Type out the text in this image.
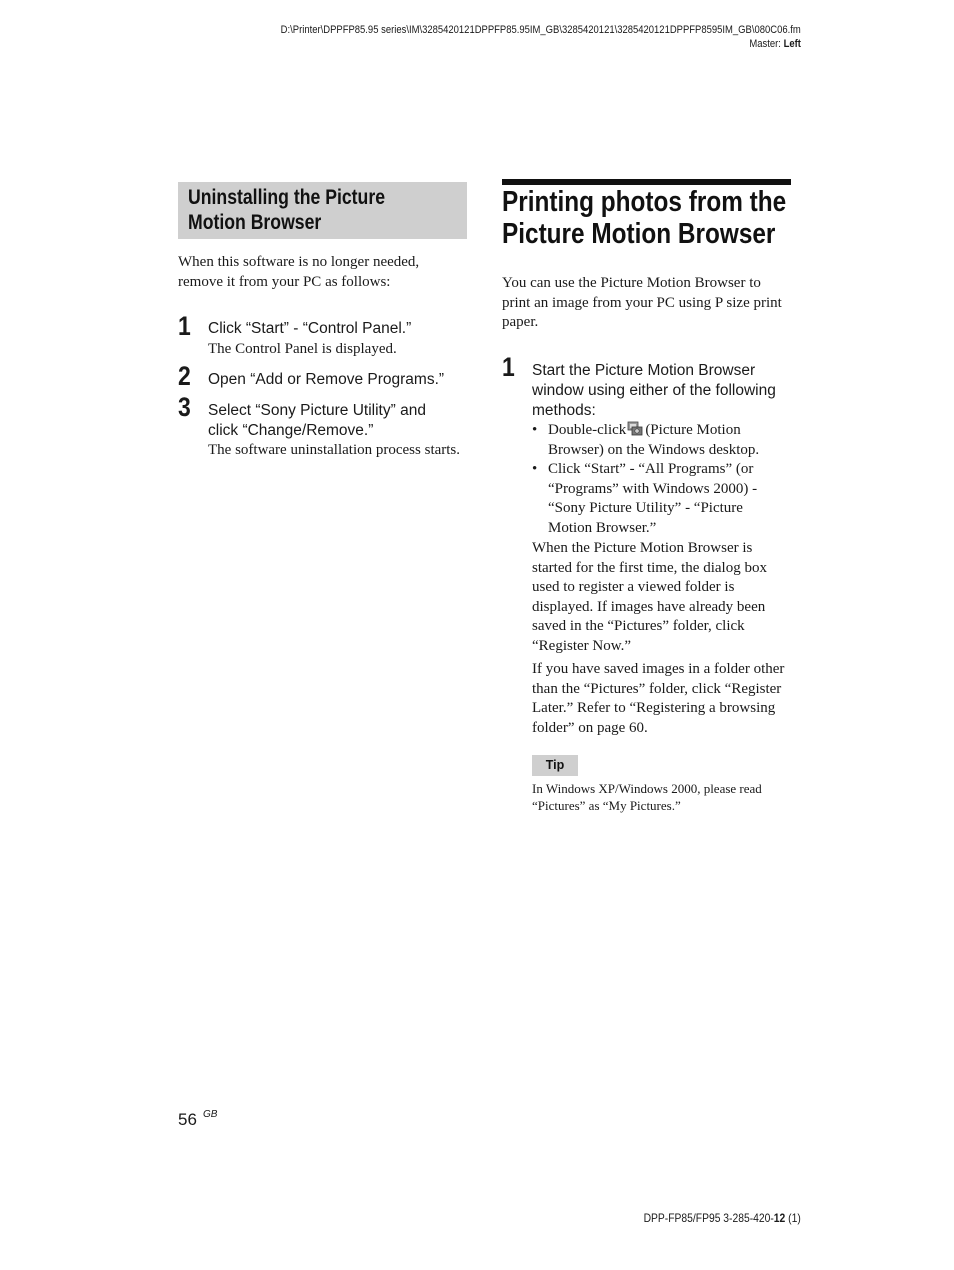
D:\Printer\DPPFP85.95 series\IM\3285420121DPPFP85.95IM_GB\3285420121\3285420121DPPFP8595IM_GB\080C06.fm
Master: Left
Uninstalling the Picture
Motion Browser
When this software is no longer needed,
remove it from your PC as follows:
1 Click “Start” - “Control Panel.”
The Control Panel is displayed.
2 Open “Add or Remove Programs.”
3 Select “Sony Picture Utility” and
click “Change/Remove.”
The software uninstallation process starts.
Printing photos from the
Picture Motion Browser
You can use the Picture Motion Browser to
print an image from your PC using P size print
paper.
1 Start the Picture Motion Browser
window using either of the following
methods:
• Double-click (Picture Motion
Browser) on the Windows desktop.
• Click “Start” - “All Programs” (or
“Programs” with Windows 2000) -
“Sony Picture Utility” - “Picture
Motion Browser.”
When the Picture Motion Browser is
started for the first time, the dialog box
used to register a viewed folder is
displayed. If images have already been
saved in the “Pictures” folder, click
“Register Now.”
If you have saved images in a folder other
than the “Pictures” folder, click “Register
Later.” Refer to “Registering a browsing
folder” on page 60.
Tip
In Windows XP/Windows 2000, please read
“Pictures” as “My Pictures.”
56 GB
DPP-FP85/FP95 3-285-420-12 (1)
